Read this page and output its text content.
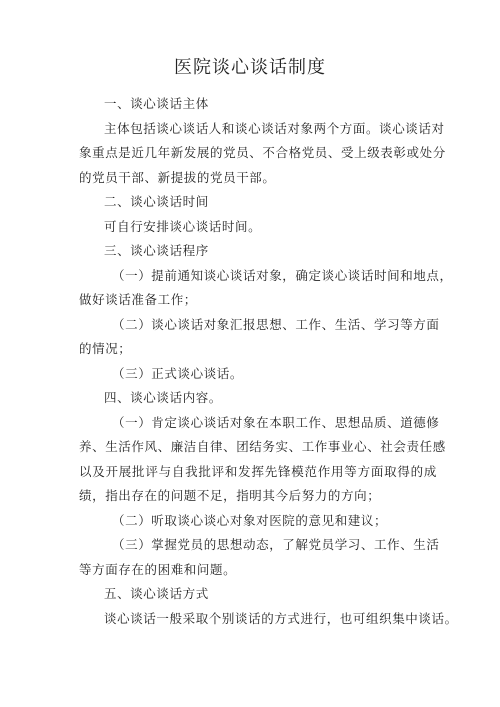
医院谈心谈话制度
一、谈心谈话主体
主体包括谈心谈话人和谈心谈话对象两个方面。谈心谈话对
象重点是近几年新发展的党员、不合格党员、受上级表彰或处分
的党员干部、新提拔的党员干部。
二、谈心谈话时间
可自行安排谈心谈话时间。
三、谈心谈话程序
（一）提前通知谈心谈话对象，确定谈心谈话时间和地点，
做好谈话准备工作；
（二）谈心谈话对象汇报思想、工作、生活、学习等方面
的情况；
（三）正式谈心谈话。
四、谈心谈话内容。
（一）肯定谈心谈话对象在本职工作、思想品质、道德修
养、生活作风、廉洁自律、团结务实、工作事业心、社会责任感
以及开展批评与自我批评和发挥先锋模范作用等方面取得的成
绩，指出存在的问题不足，指明其今后努力的方向；
（二）听取谈心谈心对象对医院的意见和建议；
（三）掌握党员的思想动态，了解党员学习、工作、生活
等方面存在的困难和问题。
五、谈心谈话方式
谈心谈话一般采取个别谈话的方式进行，也可组织集中谈话。
